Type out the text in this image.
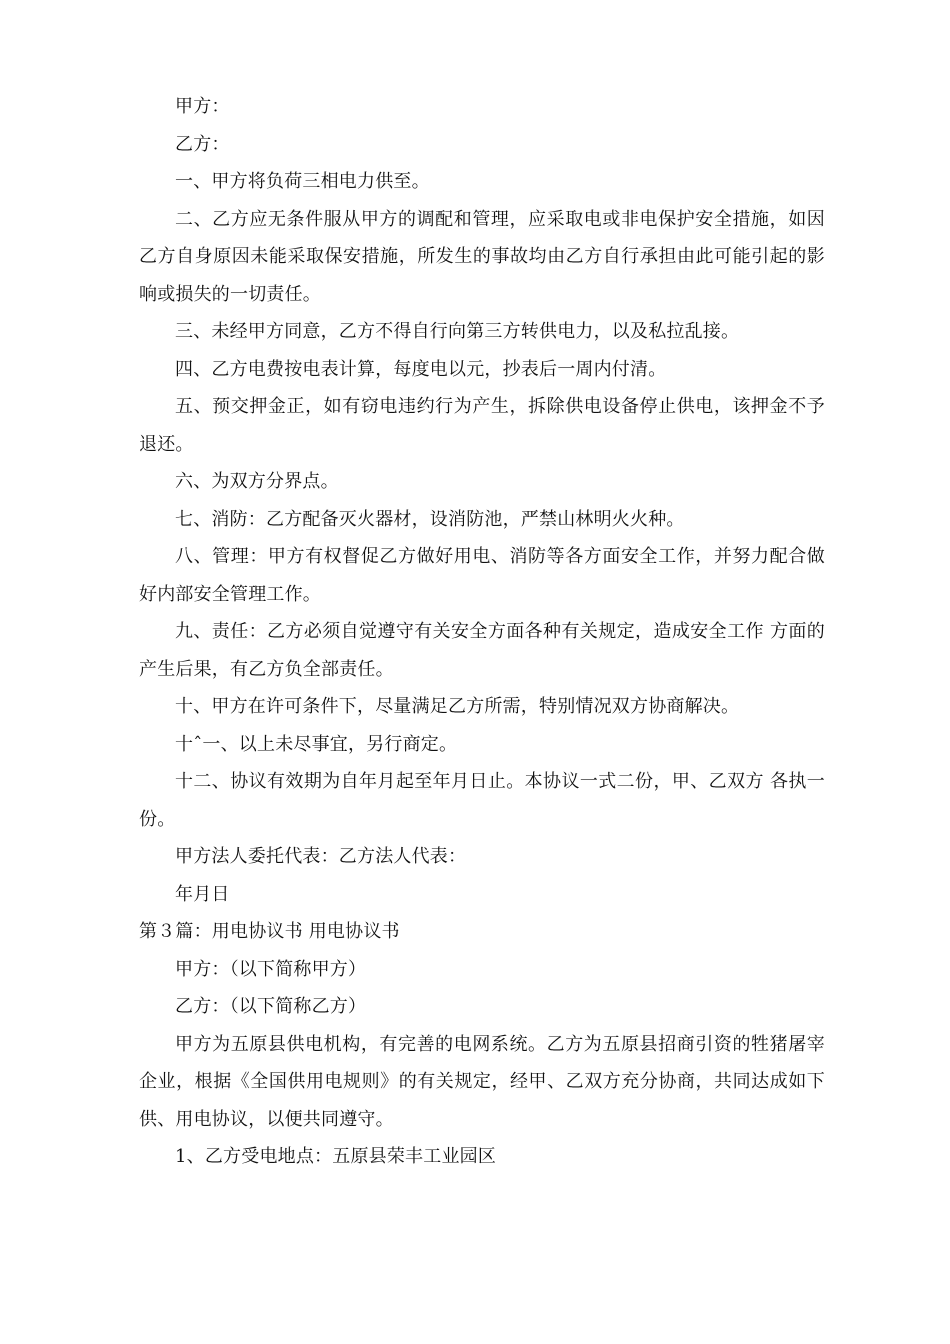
甲方：

乙方：

一、甲方将负荷三相电力供至。

二、乙方应无条件服从甲方的调配和管理，应采取电或非电保护安全措施，如因乙方自身原因未能采取保安措施，所发生的事故均由乙方自行承担由此可能引起的影响或损失的一切责任。

三、未经甲方同意，乙方不得自行向第三方转供电力，以及私拉乱接。

四、乙方电费按电表计算，每度电以元，抄表后一周内付清。

五、预交押金正，如有窃电违约行为产生，拆除供电设备停止供电，该押金不予退还。

六、为双方分界点。

七、消防：乙方配备灭火器材，设消防池，严禁山林明火火种。

八、管理：甲方有权督促乙方做好用电、消防等各方面安全工作，并努力配合做好内部安全管理工作。

九、责任：乙方必须自觉遵守有关安全方面各种有关规定，造成安全工作 方面的产生后果，有乙方负全部责任。

十、甲方在许可条件下，尽量满足乙方所需，特别情况双方协商解决。

十ˆ一、以上未尽事宜，另行商定。

十二、协议有效期为自年月起至年月日止。本协议一式二份，甲、乙双方 各执一份。

甲方法人委托代表：乙方法人代表：

年月日

第３篇：用电协议书 用电协议书

甲方：（以下简称甲方）

乙方：（以下简称乙方）

甲方为五原县供电机构，有完善的电网系统。乙方为五原县招商引资的牲猪屠宰企业，根据《全国供用电规则》的有关规定，经甲、乙双方充分协商，共同达成如下供、用电协议，以便共同遵守。

1、乙方受电地点：五原县荣丰工业园区
